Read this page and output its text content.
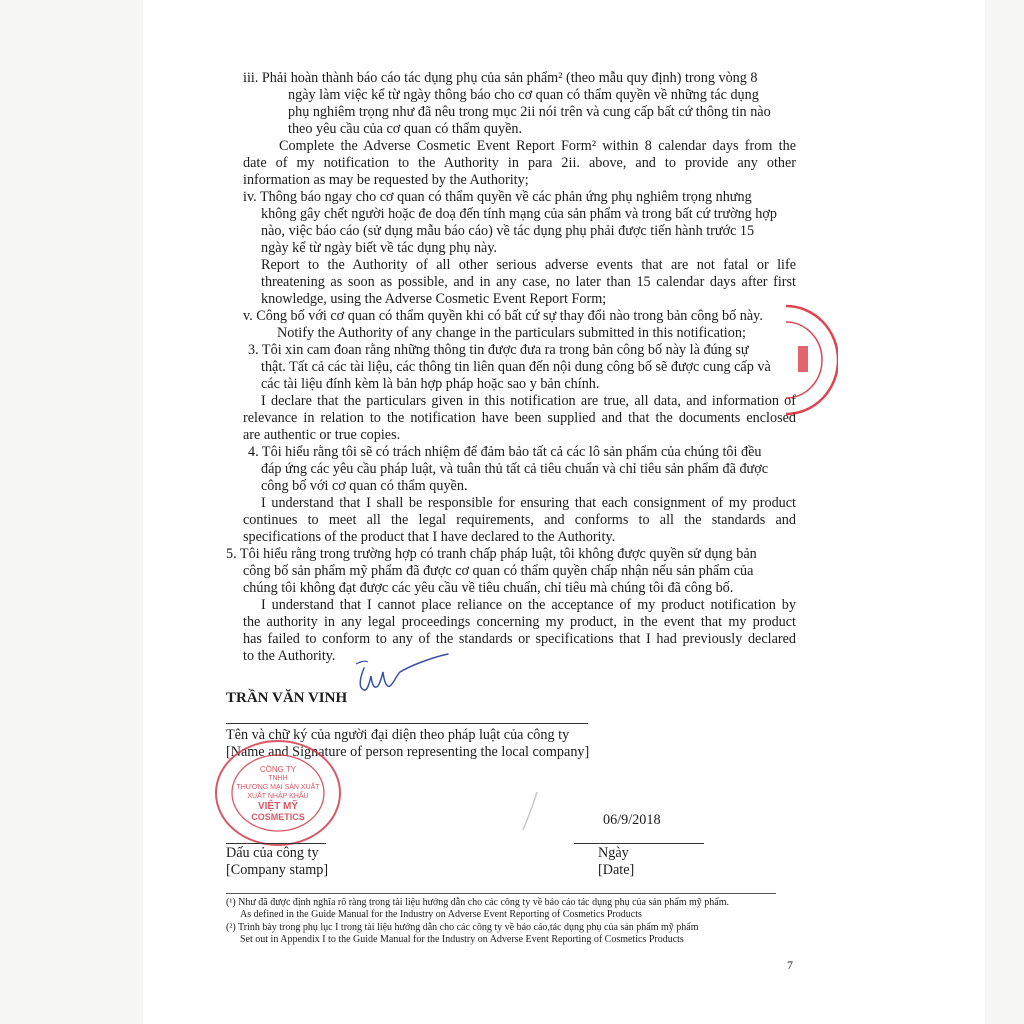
iii. Phải hoàn thành báo cáo tác dụng phụ của sản phẩm² (theo mẫu quy định) trong vòng 8

ngày làm việc kể từ ngày thông báo cho cơ quan có thẩm quyền về những tác dụng

phụ nghiêm trọng như đã nêu trong mục 2ii nói trên và cung cấp bất cứ thông tin nào

theo yêu cầu của cơ quan có thẩm quyền.

Complete the Adverse Cosmetic Event Report Form² within 8 calendar days from the

date of my notification to the Authority in para 2ii. above, and to provide any other

information as may be requested by the Authority;

iv. Thông báo ngay cho cơ quan có thẩm quyền về các phản ứng phụ nghiêm trọng nhưng

không gây chết người hoặc đe doạ đến tính mạng của sản phẩm và trong bất cứ trường hợp

nào, việc báo cáo (sử dụng mẫu báo cáo) về tác dụng phụ phải được tiến hành trước 15

ngày kể từ ngày biết về tác dụng phụ này.

Report to the Authority of all other serious adverse events that are not fatal or life

threatening as soon as possible, and in any case, no later than 15 calendar days after first

knowledge, using the Adverse Cosmetic Event Report Form;

v. Công bố với cơ quan có thẩm quyền khi có bất cứ sự thay đổi nào trong bản công bố này.

Notify the Authority of any change in the particulars submitted in this notification;

3. Tôi xin cam đoan rằng những thông tin được đưa ra trong bản công bố này là đúng sự

thật. Tất cả các tài liệu, các thông tin liên quan đến nội dung công bố sẽ được cung cấp và

các tài liệu đính kèm là bản hợp pháp hoặc sao y bản chính.

I declare that the particulars given in this notification are true, all data, and information of

relevance in relation to the notification have been supplied and that the documents enclosed

are authentic or true copies.

4. Tôi hiểu rằng tôi sẽ có trách nhiệm để đảm bảo tất cả các lô sản phẩm của chúng tôi đều

đáp ứng các yêu cầu pháp luật, và tuân thủ tất cả tiêu chuẩn và chỉ tiêu sản phẩm đã được

công bố với cơ quan có thẩm quyền.

I understand that I shall be responsible for ensuring that each consignment of my product

continues to meet all the legal requirements, and conforms to all the standards and

specifications of the product that I have declared to the Authority.

5. Tôi hiểu rằng trong trường hợp có tranh chấp pháp luật, tôi không được quyền sử dụng bản

công bố sản phẩm mỹ phẩm đã được cơ quan có thẩm quyền chấp nhận nếu sản phẩm của

chúng tôi không đạt được các yêu cầu về tiêu chuẩn, chỉ tiêu mà chúng tôi đã công bố.

I understand that I cannot place reliance on the acceptance of my product notification by

the authority in any legal proceedings concerning my product, in the event that my product

has failed to conform to any of the standards or specifications that I had previously declared

to the Authority.

TRẦN VĂN VINH

Tên và chữ ký của người đại diện theo pháp luật của công ty

[Name and Signature of person representing the local company]

CÔNG TY
TNHH
THƯƠNG MẠI SẢN XUẤT
XUẤT NHẬP KHẨU
VIỆT MỸ
COSMETICS	06/9/2018

Dấu của công ty

[Company stamp]

Ngày

[Date]

(¹) Như đã được định nghĩa rõ ràng trong tài liệu hướng dẫn cho các công ty về báo cáo tác dụng phụ của sản phẩm mỹ phẩm.
As defined in the Guide Manual for the Industry on Adverse Event Reporting of Cosmetics Products
(²) Trình bày trong phụ lục I trong tài liệu hướng dẫn cho các công ty về báo cáo,tác dụng phụ của sản phẩm mỹ phẩm
Set out in Appendix I to the Guide Manual for the Industry on Adverse Event Reporting of Cosmetics Products
7
